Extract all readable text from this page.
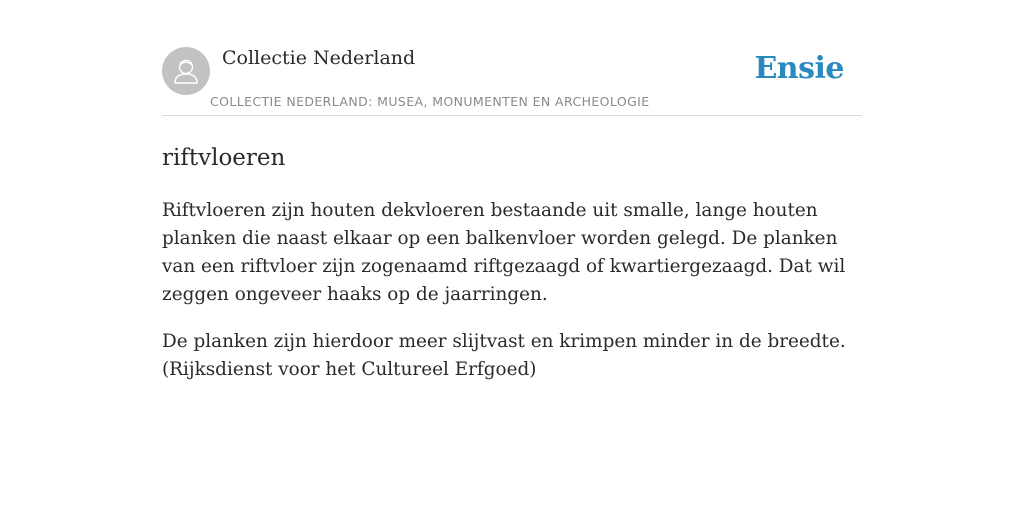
Collectie Nederland
COLLECTIE NEDERLAND: MUSEA, MONUMENTEN EN ARCHEOLOGIE
Ensie
riftvloeren

Riftvloeren zijn houten dekvloeren bestaande uit smalle, lange houten planken die naast elkaar op een balkenvloer worden gelegd. De planken van een riftvloer zijn zogenaamd riftgezaagd of kwartiergezaagd. Dat wil zeggen ongeveer haaks op de jaarringen.

De planken zijn hierdoor meer slijtvast en krimpen minder in de breedte. (Rijksdienst voor het Cultureel Erfgoed)
